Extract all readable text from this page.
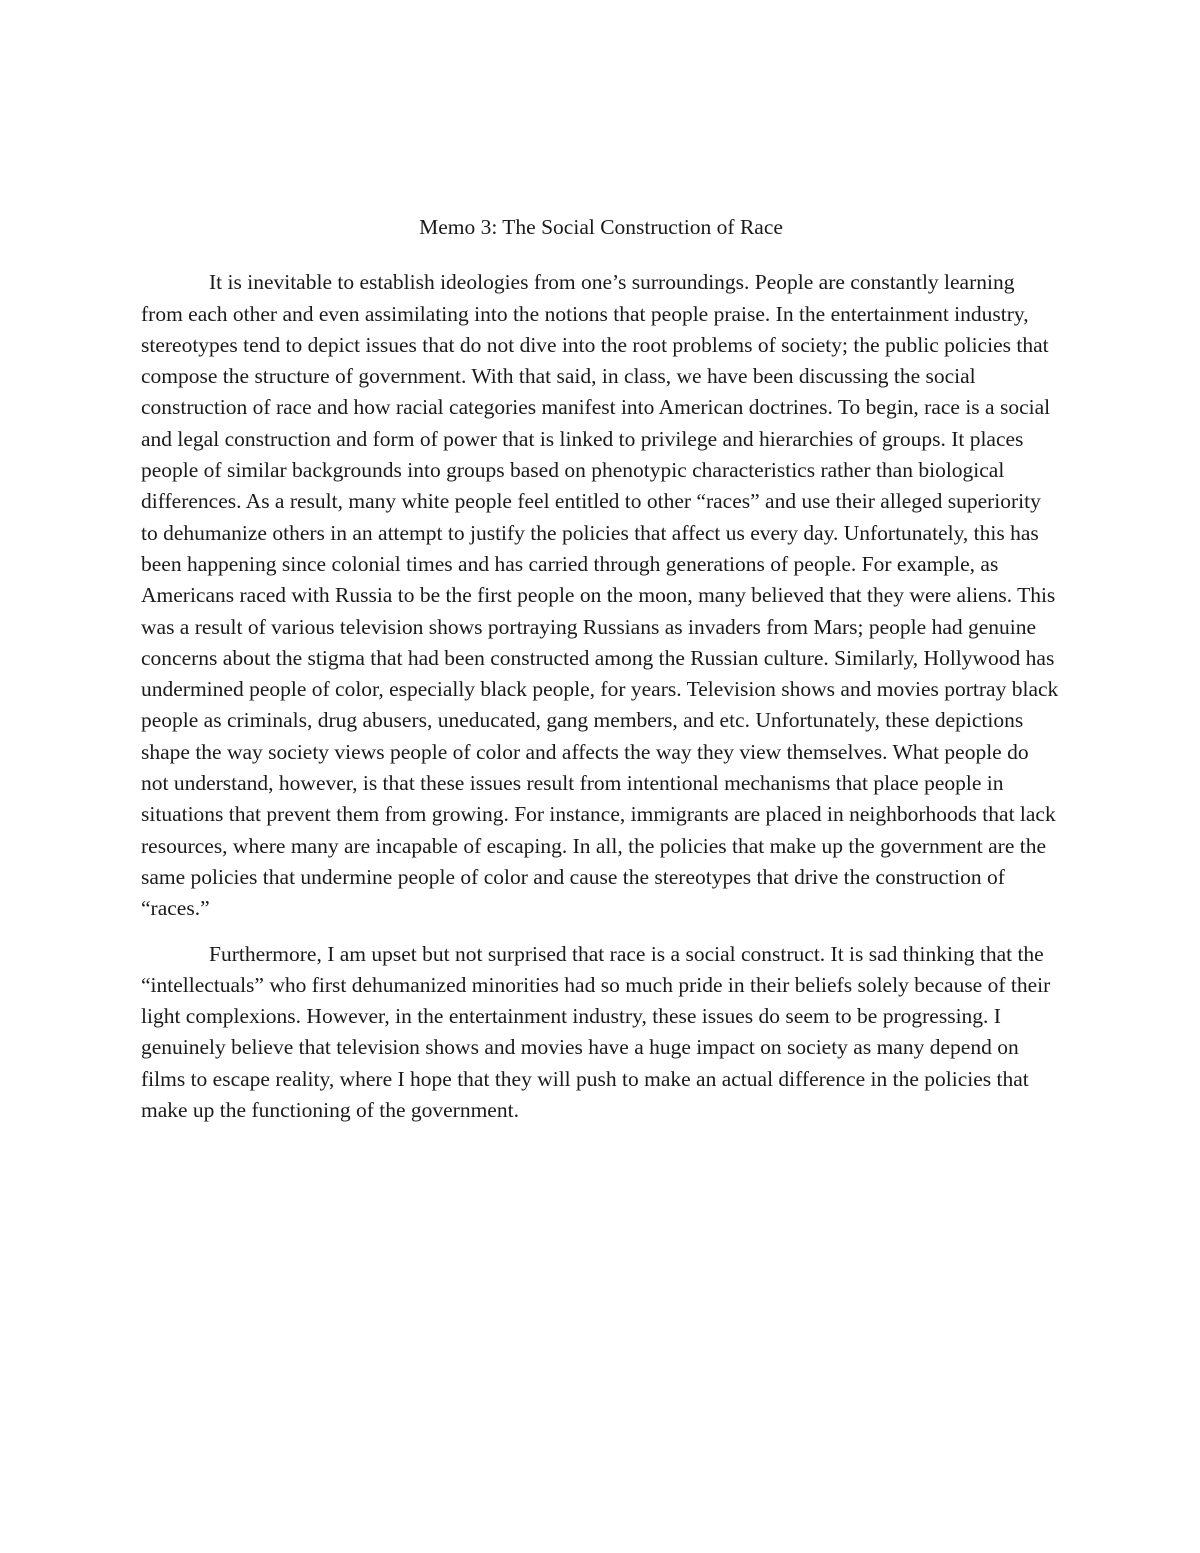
Memo 3: The Social Construction of Race

It is inevitable to establish ideologies from one’s surroundings. People are constantly learning from each other and even assimilating into the notions that people praise. In the entertainment industry, stereotypes tend to depict issues that do not dive into the root problems of society; the public policies that compose the structure of government. With that said, in class, we have been discussing the social construction of race and how racial categories manifest into American doctrines. To begin, race is a social and legal construction and form of power that is linked to privilege and hierarchies of groups. It places people of similar backgrounds into groups based on phenotypic characteristics rather than biological differences. As a result, many white people feel entitled to other “races” and use their alleged superiority to dehumanize others in an attempt to justify the policies that affect us every day. Unfortunately, this has been happening since colonial times and has carried through generations of people. For example, as Americans raced with Russia to be the first people on the moon, many believed that they were aliens. This was a result of various television shows portraying Russians as invaders from Mars; people had genuine concerns about the stigma that had been constructed among the Russian culture. Similarly, Hollywood has undermined people of color, especially black people, for years. Television shows and movies portray black people as criminals, drug abusers, uneducated, gang members, and etc. Unfortunately, these depictions shape the way society views people of color and affects the way they view themselves. What people do not understand, however, is that these issues result from intentional mechanisms that place people in situations that prevent them from growing. For instance, immigrants are placed in neighborhoods that lack resources, where many are incapable of escaping. In all, the policies that make up the government are the same policies that undermine people of color and cause the stereotypes that drive the construction of “races.”

Furthermore, I am upset but not surprised that race is a social construct. It is sad thinking that the “intellectuals” who first dehumanized minorities had so much pride in their beliefs solely because of their light complexions. However, in the entertainment industry, these issues do seem to be progressing. I genuinely believe that television shows and movies have a huge impact on society as many depend on films to escape reality, where I hope that they will push to make an actual difference in the policies that make up the functioning of the government.
